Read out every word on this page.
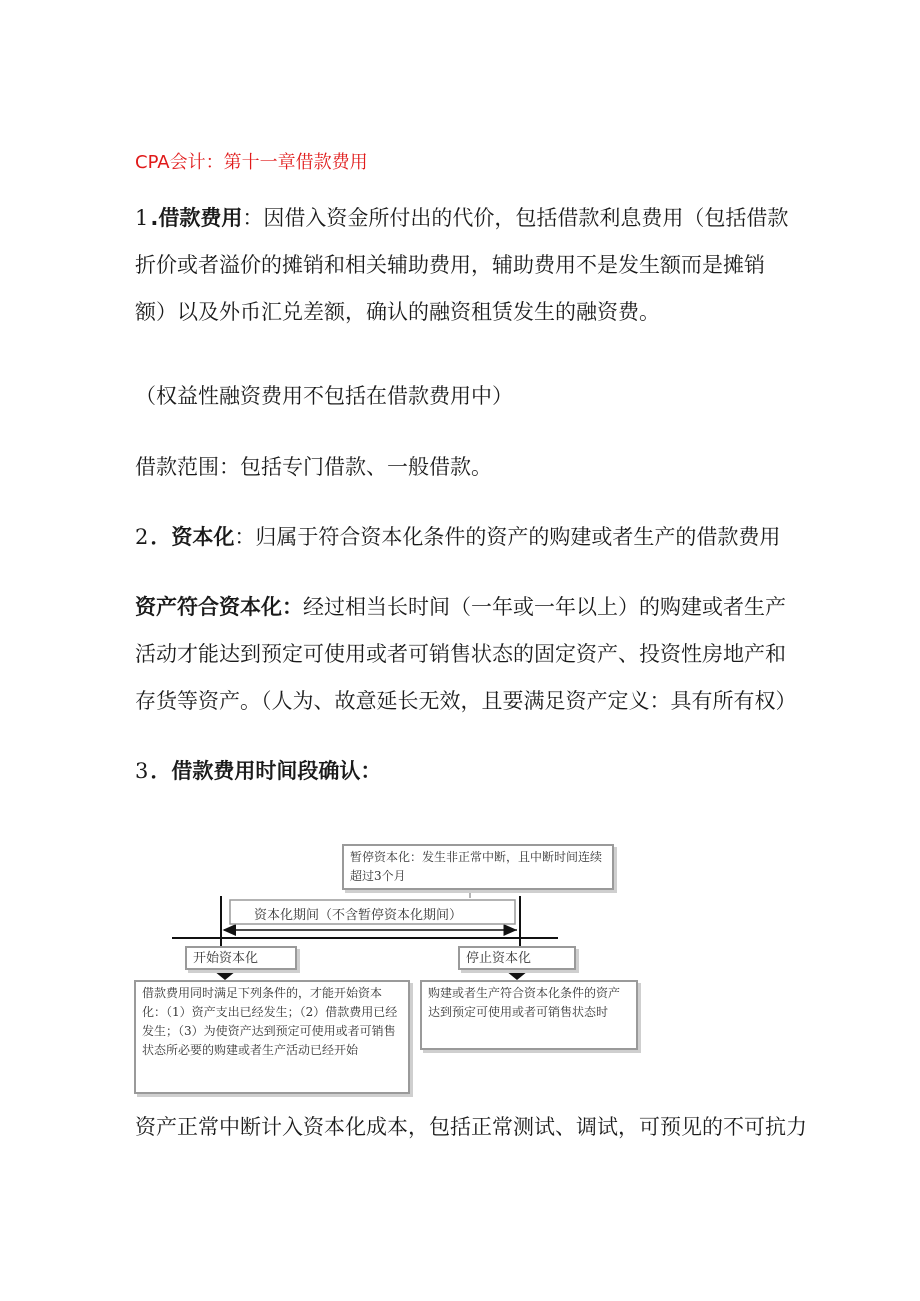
CPA会计：第十一章借款费用

1.借款费用：因借入资金所付出的代价，包括借款利息费用（包括借款折价或者溢价的摊销和相关辅助费用，辅助费用不是发生额而是摊销额）以及外币汇兑差额，确认的融资租赁发生的融资费。

（权益性融资费用不包括在借款费用中）

借款范围：包括专门借款、一般借款。

2．资本化：归属于符合资本化条件的资产的购建或者生产的借款费用

资产符合资本化：经过相当长时间（一年或一年以上）的购建或者生产活动才能达到预定可使用或者可销售状态的固定资产、投资性房地产和存货等资产。（人为、故意延长无效，且要满足资产定义：具有所有权）

3．借款费用时间段确认：

暂停资本化：发生非正常中断，且中断时间连续超过3个月
资本化期间（不含暂停资本化期间）
开始资本化	停止资本化
借款费用同时满足下列条件的，才能开始资本化：（1）资产支出已经发生；（2）借款费用已经发生；（3）为使资产达到预定可使用或者可销售状态所必要的购建或者生产活动已经开始
购建或者生产符合资本化条件的资产达到预定可使用或者可销售状态时

资产正常中断计入资本化成本，包括正常测试、调试，可预见的不可抗力
